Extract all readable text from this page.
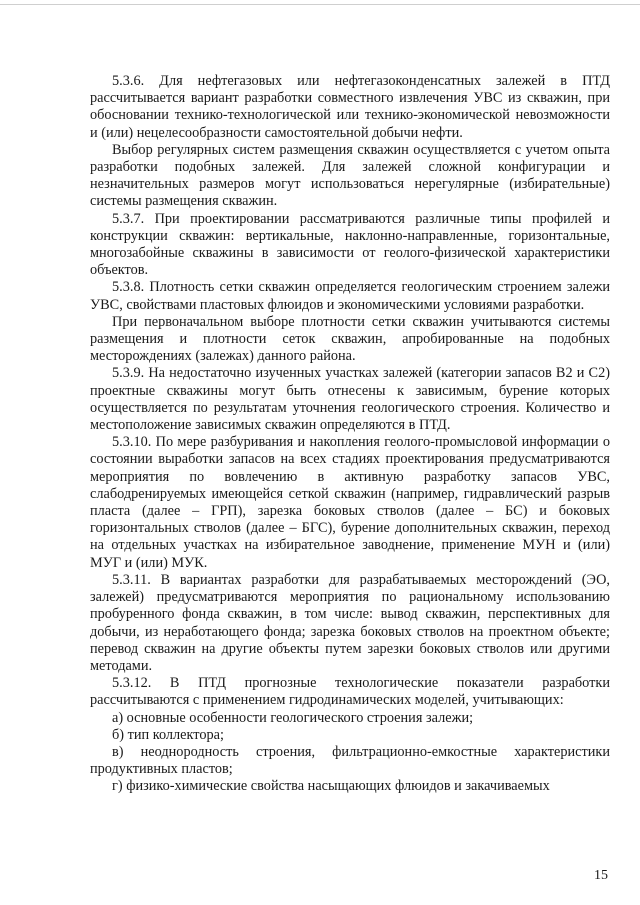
5.3.6. Для нефтегазовых или нефтегазоконденсатных залежей в ПТД рассчитывается вариант разработки совместного извлечения УВС из скважин, при обосновании технико-технологической или технико-экономической невозможности и (или) нецелесообразности самостоятельной добычи нефти.

Выбор регулярных систем размещения скважин осуществляется с учетом опыта разработки подобных залежей. Для залежей сложной конфигурации и незначительных размеров могут использоваться нерегулярные (избирательные) системы размещения скважин.

5.3.7. При проектировании рассматриваются различные типы профилей и конструкции скважин: вертикальные, наклонно-направленные, горизонтальные, многозабойные скважины в зависимости от геолого-физической характеристики объектов.

5.3.8. Плотность сетки скважин определяется геологическим строением залежи УВС, свойствами пластовых флюидов и экономическими условиями разработки.

При первоначальном выборе плотности сетки скважин учитываются системы размещения и плотности сеток скважин, апробированные на подобных месторождениях (залежах) данного района.

5.3.9. На недостаточно изученных участках залежей (категории запасов В2 и С2) проектные скважины могут быть отнесены к зависимым, бурение которых осуществляется по результатам уточнения геологического строения. Количество и местоположение зависимых скважин определяются в ПТД.

5.3.10. По мере разбуривания и накопления геолого-промысловой информации о состоянии выработки запасов на всех стадиях проектирования предусматриваются мероприятия по вовлечению в активную разработку запасов УВС, слабодренируемых имеющейся сеткой скважин (например, гидравлический разрыв пласта (далее – ГРП), зарезка боковых стволов (далее – БС) и боковых горизонтальных стволов (далее – БГС), бурение дополнительных скважин, переход на отдельных участках на избирательное заводнение, применение МУН и (или) МУГ и (или) МУК.

5.3.11. В вариантах разработки для разрабатываемых месторождений (ЭО, залежей) предусматриваются мероприятия по рациональному использованию пробуренного фонда скважин, в том числе: вывод скважин, перспективных для добычи, из неработающего фонда; зарезка боковых стволов на проектном объекте; перевод скважин на другие объекты путем зарезки боковых стволов или другими методами.

5.3.12. В ПТД прогнозные технологические показатели разработки рассчитываются с применением гидродинамических моделей, учитывающих:

а) основные особенности геологического строения залежи;

б) тип коллектора;

в) неоднородность строения, фильтрационно-емкостные характеристики продуктивных пластов;

г) физико-химические свойства насыщающих флюидов и закачиваемых

15
